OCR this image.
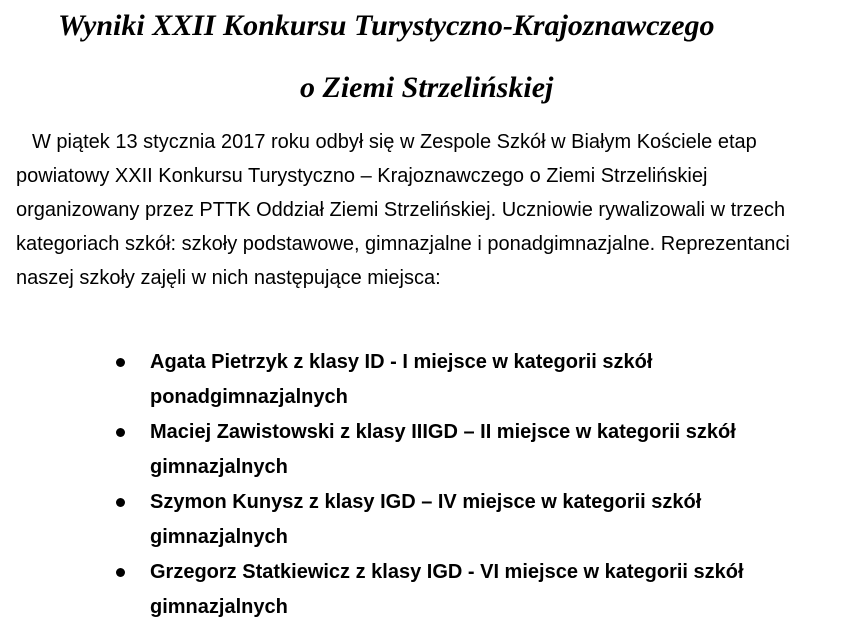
Wyniki XXII Konkursu Turystyczno-Krajoznawczego
o Ziemi Strzelińskiej

W piątek 13 stycznia 2017 roku odbył się w Zespole Szkół w Białym Kościele etap powiatowy XXII Konkursu Turystyczno – Krajoznawczego o Ziemi Strzelińskiej organizowany przez PTTK Oddział Ziemi Strzelińskiej. Uczniowie rywalizowali w trzech kategoriach szkół: szkoły podstawowe, gimnazjalne i ponadgimnazjalne. Reprezentanci naszej szkoły zajęli w nich następujące miejsca:

Agata Pietrzyk z klasy ID - I miejsce w kategorii szkół ponadgimnazjalnych
Maciej Zawistowski z klasy IIIGD – II miejsce w kategorii szkół gimnazjalnych
Szymon Kunysz z klasy IGD – IV miejsce w kategorii szkół gimnazjalnych
Grzegorz Statkiewicz z klasy IGD - VI miejsce w kategorii szkół gimnazjalnych
